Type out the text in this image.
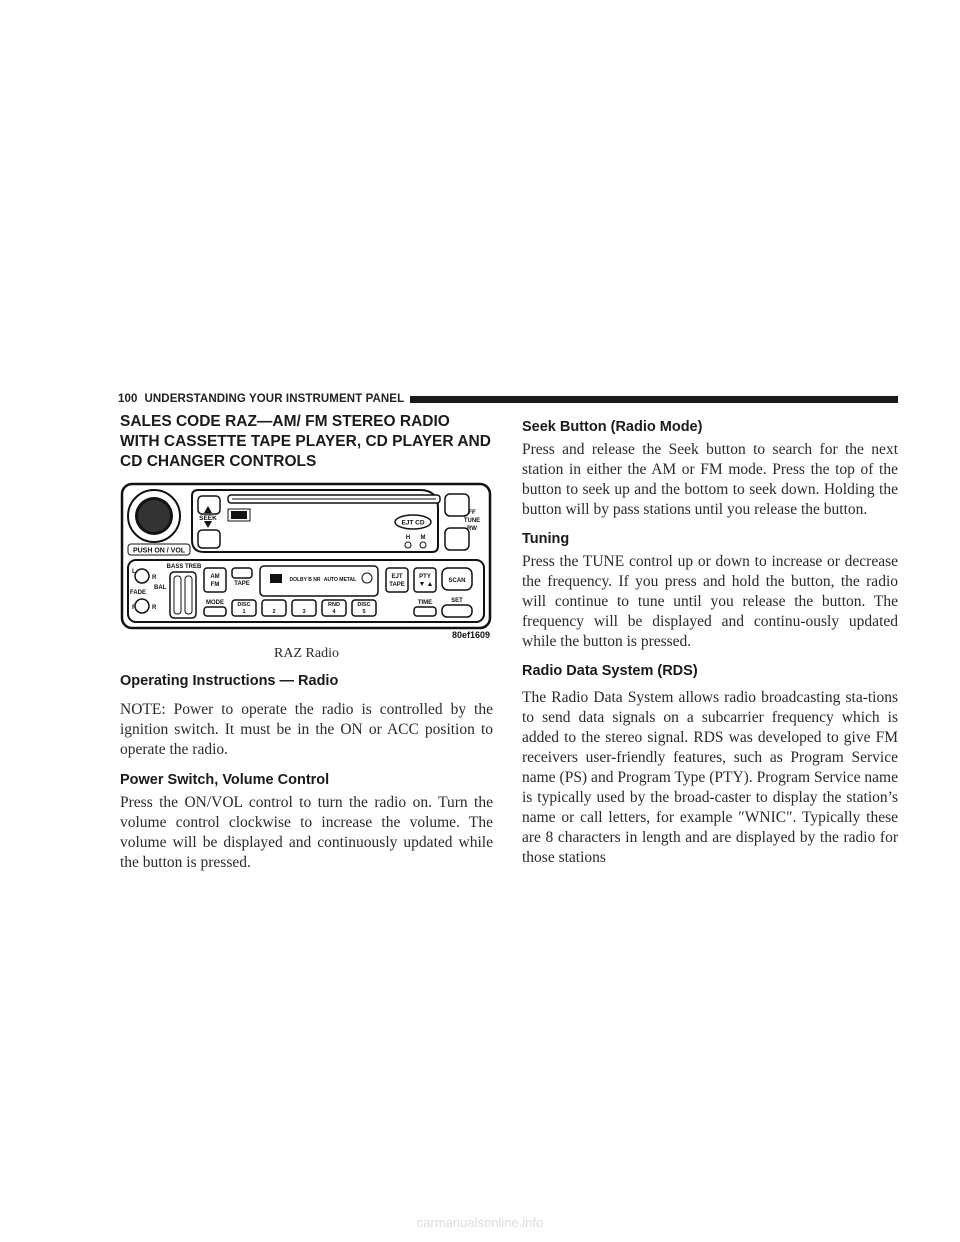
100 UNDERSTANDING YOUR INSTRUMENT PANEL
SALES CODE RAZ—AM/ FM STEREO RADIO WITH CASSETTE TAPE PLAYER, CD PLAYER AND CD CHANGER CONTROLS
PUSH ON / VOL
SEEK
EJT CD
H M
FF
TUNE
RW
L
R
BAL
FADE
F	R
BASS TREB
AM
FM TAPE
DOLBY B NR AUTO METAL	EJT
TAPE
PTY
SCAN
MODE DISC
1	2	3
RND
4
DISC
5
TIME	SET
80ef1609
RAZ Radio
Operating Instructions — Radio

NOTE: Power to operate the radio is controlled by the ignition switch. It must be in the ON or ACC position to operate the radio.

Power Switch, Volume Control

Press the ON/VOL control to turn the radio on. Turn the volume control clockwise to increase the volume. The volume will be displayed and continuously updated while the button is pressed.

Seek Button (Radio Mode)

Press and release the Seek button to search for the next station in either the AM or FM mode. Press the top of the button to seek up and the bottom to seek down. Holding the button will by pass stations until you release the button.

Tuning

Press the TUNE control up or down to increase or decrease the frequency. If you press and hold the button, the radio will continue to tune until you release the button. The frequency will be displayed and continu-ously updated while the button is pressed.

Radio Data System (RDS)

The Radio Data System allows radio broadcasting sta-tions to send data signals on a subcarrier frequency which is added to the stereo signal. RDS was developed to give FM receivers user-friendly features, such as Program Service name (PS) and Program Type (PTY). Program Service name is typically used by the broad-caster to display the station’s name or call letters, for example ″WNIC″. Typically these are 8 characters in length and are displayed by the radio for those stations

carmanualsonline.info
